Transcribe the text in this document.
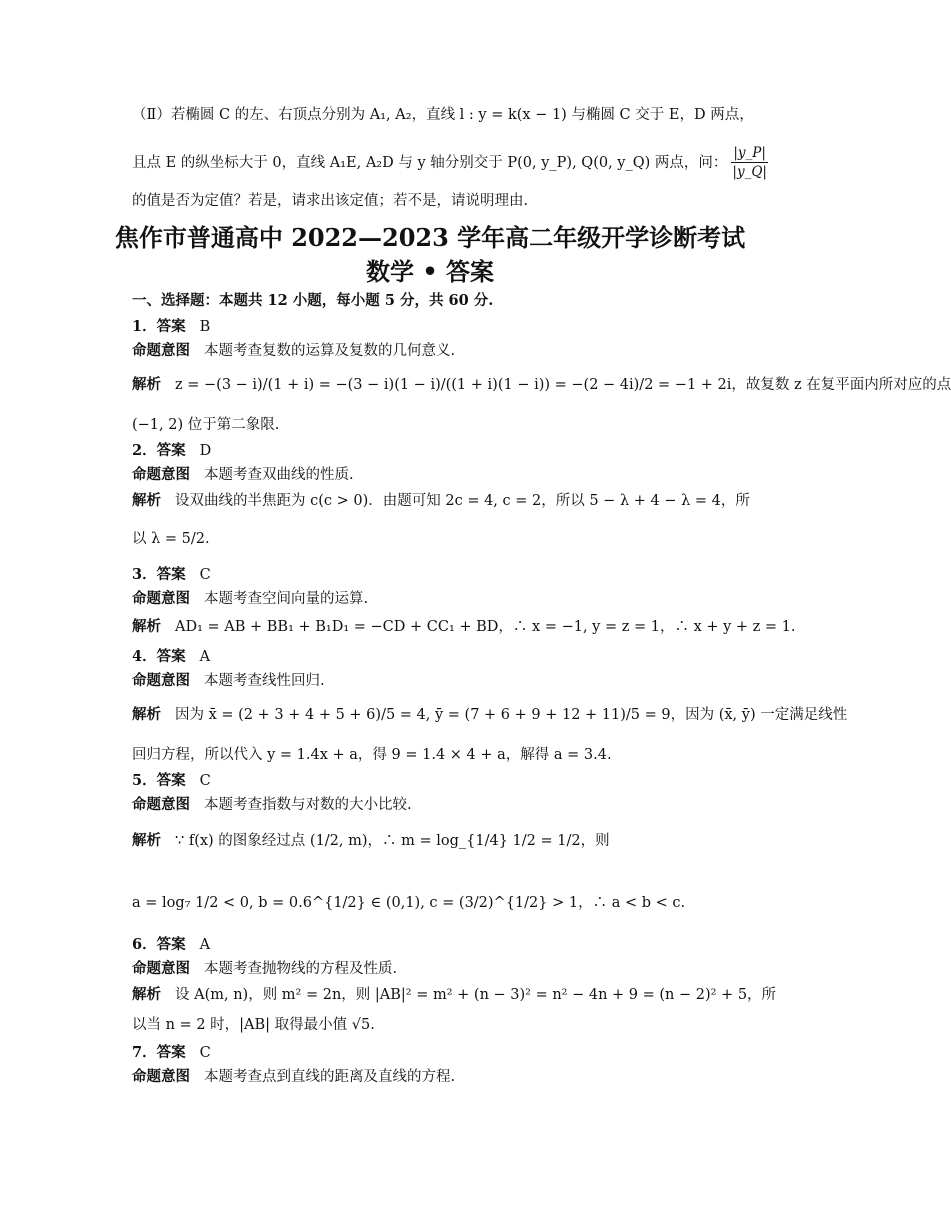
（Ⅱ）若椭圆 C 的左、右顶点分别为 A₁, A₂，直线 l : y = k(x − 1) 与椭圆 C 交于 E，D 两点，
且点 E 的纵坐标大于 0，直线 A₁E, A₂D 与 y 轴分别交于 P(0, y_P), Q(0, y_Q) 两点，问： $\frac{|y\_P|}{|y\_Q|}$
的值是否为定值？若是，请求出该定值；若不是，请说明理由.
焦作市普通高中 2022—2023 学年高二年级开学诊断考试
数学 • 答案
一、选择题：本题共 12 小题，每小题 5 分，共 60 分.
1．答案 B
命题意图 本题考查复数的运算及复数的几何意义.
解析 z = −(3 − i)/(1 + i) = −(3 − i)(1 − i)/((1 + i)(1 − i)) = −(2 − 4i)/2 = −1 + 2i，故复数 z 在复平面内所对应的点
(−1, 2) 位于第二象限.
2．答案 D
命题意图 本题考查双曲线的性质.
解析 设双曲线的半焦距为 c(c > 0)．由题可知 2c = 4, c = 2，所以 5 − λ + 4 − λ = 4，所
以 λ = 5/2.
3．答案 C
命题意图 本题考查空间向量的运算.
解析 AD₁ = AB + BB₁ + B₁D₁ = −CD + CC₁ + BD，∴ x = −1, y = z = 1，∴ x + y + z = 1.
4．答案 A
命题意图 本题考查线性回归.
解析 因为 x̄ = (2 + 3 + 4 + 5 + 6)/5 = 4, ȳ = (7 + 6 + 9 + 12 + 11)/5 = 9，因为 (x̄, ȳ) 一定满足线性
回归方程，所以代入 y = 1.4x + a，得 9 = 1.4 × 4 + a，解得 a = 3.4.
5．答案 C
命题意图 本题考查指数与对数的大小比较.
解析 ∵ f(x) 的图象经过点 (1/2, m)，∴ m = log_{1/4} 1/2 = 1/2，则
a = log₇ 1/2 < 0, b = 0.6^{1/2} ∈ (0,1), c = (3/2)^{1/2} > 1，∴ a < b < c.
6．答案 A
命题意图 本题考查抛物线的方程及性质.
解析 设 A(m, n)，则 m² = 2n，则 |AB|² = m² + (n − 3)² = n² − 4n + 9 = (n − 2)² + 5，所
以当 n = 2 时，|AB| 取得最小值 √5.
7．答案 C
命题意图 本题考查点到直线的距离及直线的方程.
